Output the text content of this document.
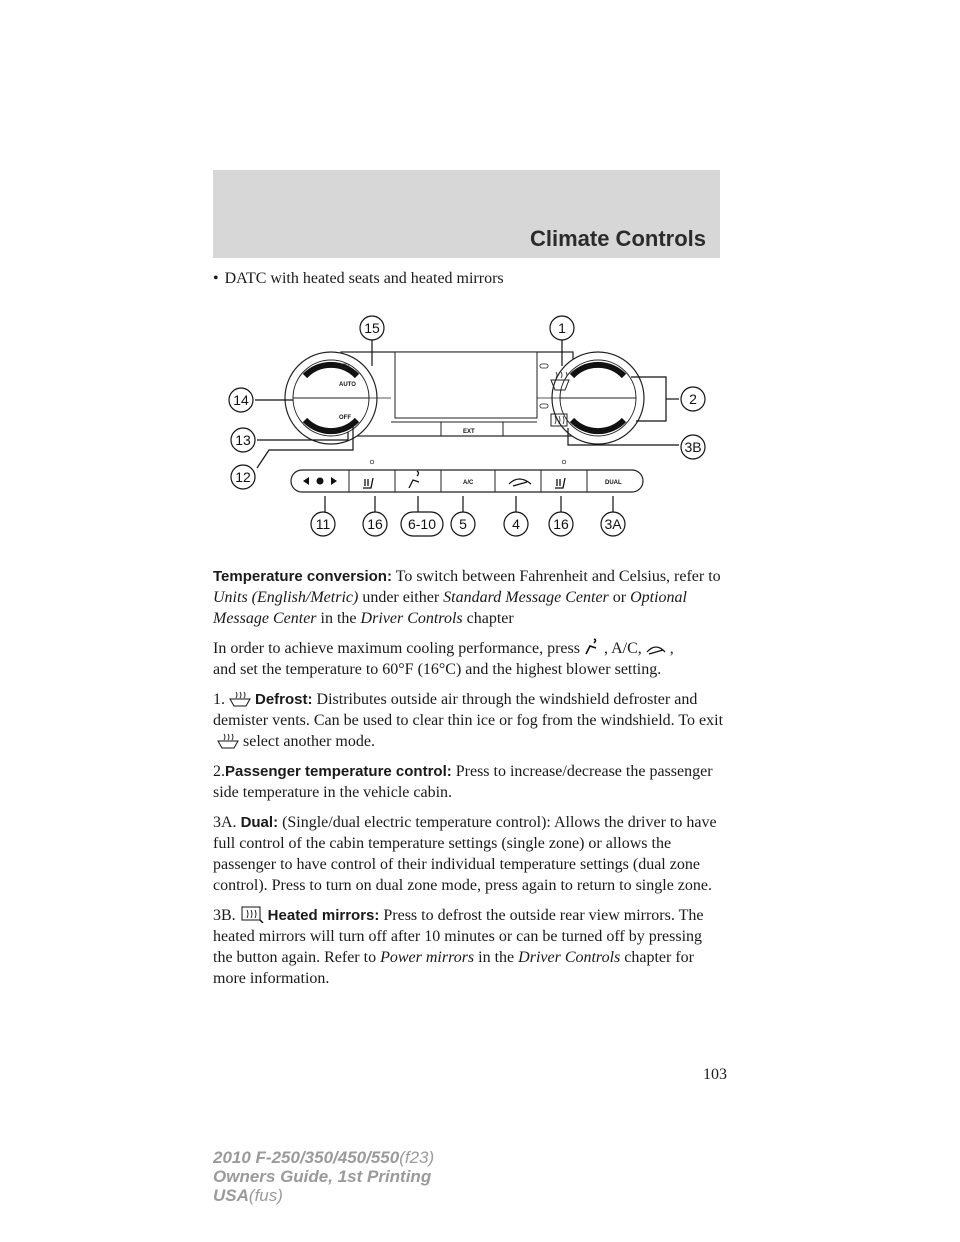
Climate Controls
• DATC with heated seats and heated mirrors
EXT
AUTO
OFF
A/C	DUAL
15	1
14	2
13	3B
12
11	16 6-10 5	4 16	3A

Temperature conversion: To switch between Fahrenheit and Celsius, refer to Units (English/Metric) under either Standard Message Center or Optional Message Center in the Driver Controls chapter

In order to achieve maximum cooling performance, press , A/C, ,
and set the temperature to 60°F (16°C) and the highest blower setting.

1. Defrost: Distributes outside air through the windshield defroster and demister vents. Can be used to clear thin ice or fog from the windshield. To exitselect another mode.

2.Passenger temperature control: Press to increase/decrease the passenger side temperature in the vehicle cabin.

3A. Dual: (Single/dual electric temperature control): Allows the driver to have full control of the cabin temperature settings (single zone) or allows the passenger to have control of their individual temperature settings (dual zone control). Press to turn on dual zone mode, press again to return to single zone.

3B. Heated mirrors: Press to defrost the outside rear view mirrors. The heated mirrors will turn off after 10 minutes or can be turned off by pressing the button again. Refer to Power mirrors in the Driver Controls chapter for more information.

103
2010 F-250/350/450/550(f23)
Owners Guide, 1st Printing
USA(fus)
